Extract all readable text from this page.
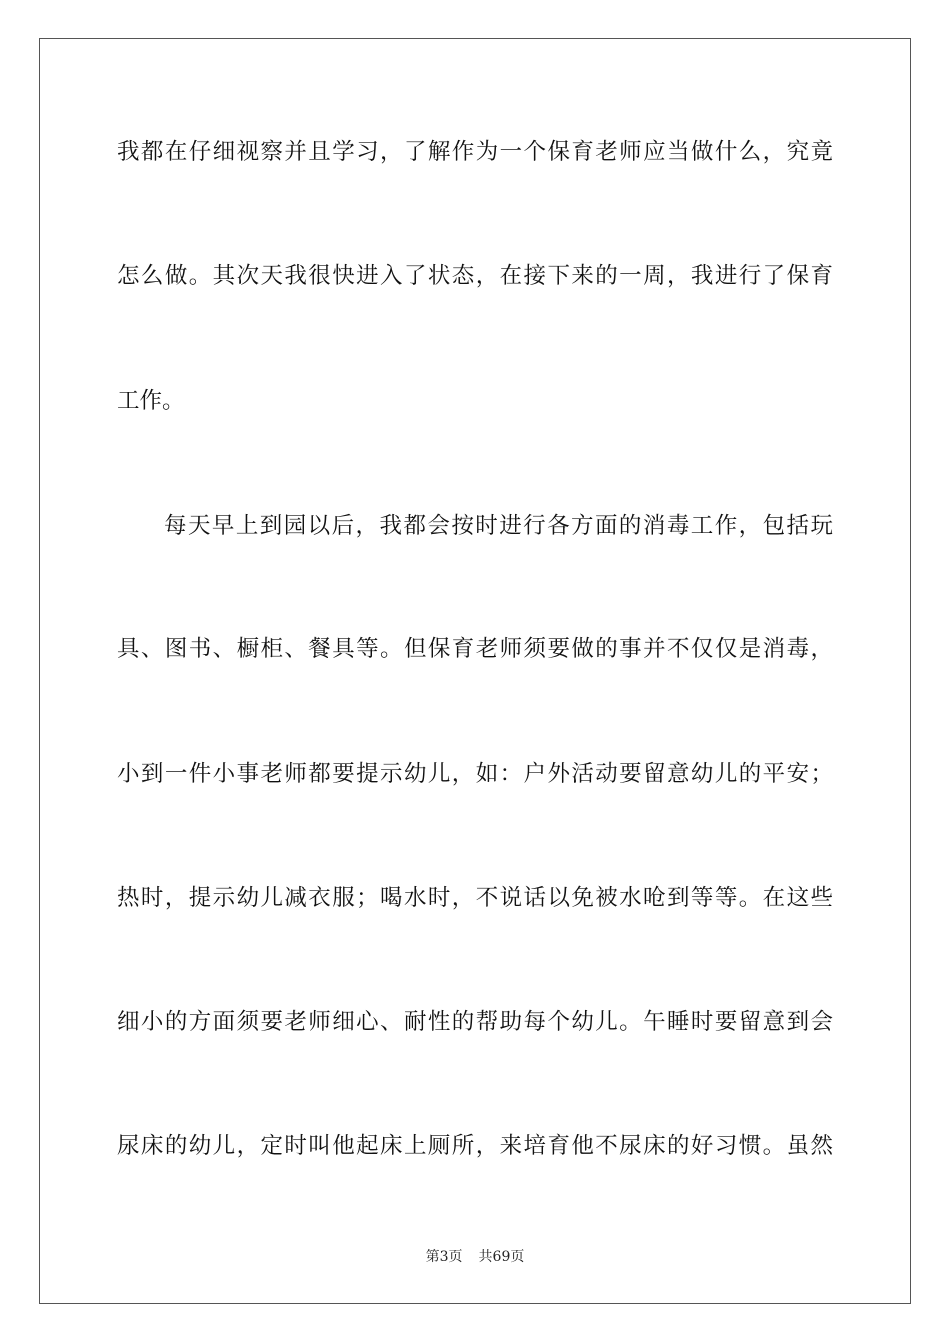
我都在仔细视察并且学习，了解作为一个保育老师应当做什么，究竟
怎么做。其次天我很快进入了状态，在接下来的一周，我进行了保育
工作。
每天早上到园以后，我都会按时进行各方面的消毒工作，包括玩
具、图书、橱柜、餐具等。但保育老师须要做的事并不仅仅是消毒，
小到一件小事老师都要提示幼儿，如：户外活动要留意幼儿的平安；
热时，提示幼儿减衣服；喝水时，不说话以免被水呛到等等。在这些
细小的方面须要老师细心、耐性的帮助每个幼儿。午睡时要留意到会
尿床的幼儿，定时叫他起床上厕所，来培育他不尿床的好习惯。虽然
第3页 共69页
